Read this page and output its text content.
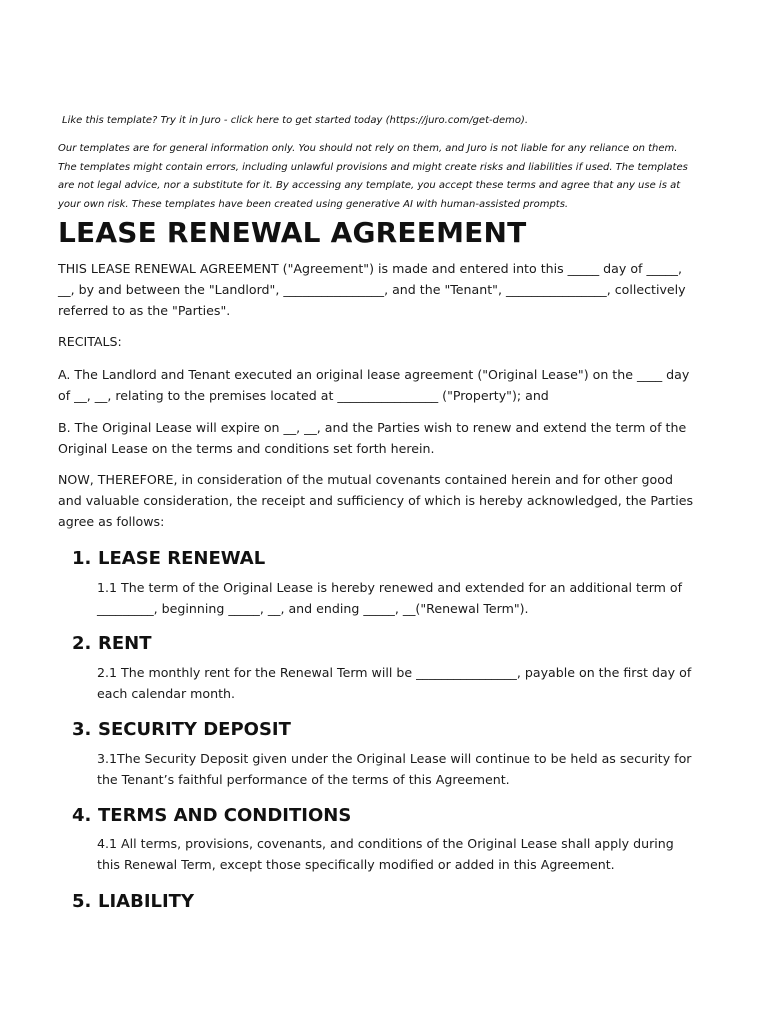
Like this template? Try it in Juro - click here to get started today (https://juro.com/get-demo).

Our templates are for general information only. You should not rely on them, and Juro is not liable for any reliance on them. The templates might contain errors, including unlawful provisions and might create risks and liabilities if used. The templates are not legal advice, nor a substitute for it. By accessing any template, you accept these terms and agree that any use is at your own risk. These templates have been created using generative AI with human-assisted prompts.

LEASE RENEWAL AGREEMENT

THIS LEASE RENEWAL AGREEMENT ("Agreement") is made and entered into this _____ day of _____, __, by and between the "Landlord", ________________, and the "Tenant", ________________, collectively referred to as the "Parties".

RECITALS:

A. The Landlord and Tenant executed an original lease agreement ("Original Lease") on the ____ day of __, __, relating to the premises located at ________________ ("Property"); and

B. The Original Lease will expire on __, __, and the Parties wish to renew and extend the term of the Original Lease on the terms and conditions set forth herein.

NOW, THEREFORE, in consideration of the mutual covenants contained herein and for other good and valuable consideration, the receipt and sufficiency of which is hereby acknowledged, the Parties agree as follows:

1. LEASE RENEWAL

1.1 The term of the Original Lease is hereby renewed and extended for an additional term of _________, beginning _____, __, and ending _____, __("Renewal Term").

2. RENT

2.1 The monthly rent for the Renewal Term will be ________________, payable on the first day of each calendar month.

3. SECURITY DEPOSIT

3.1The Security Deposit given under the Original Lease will continue to be held as security for the Tenant’s faithful performance of the terms of this Agreement.

4. TERMS AND CONDITIONS

4.1 All terms, provisions, covenants, and conditions of the Original Lease shall apply during this Renewal Term, except those specifically modified or added in this Agreement.

5. LIABILITY
